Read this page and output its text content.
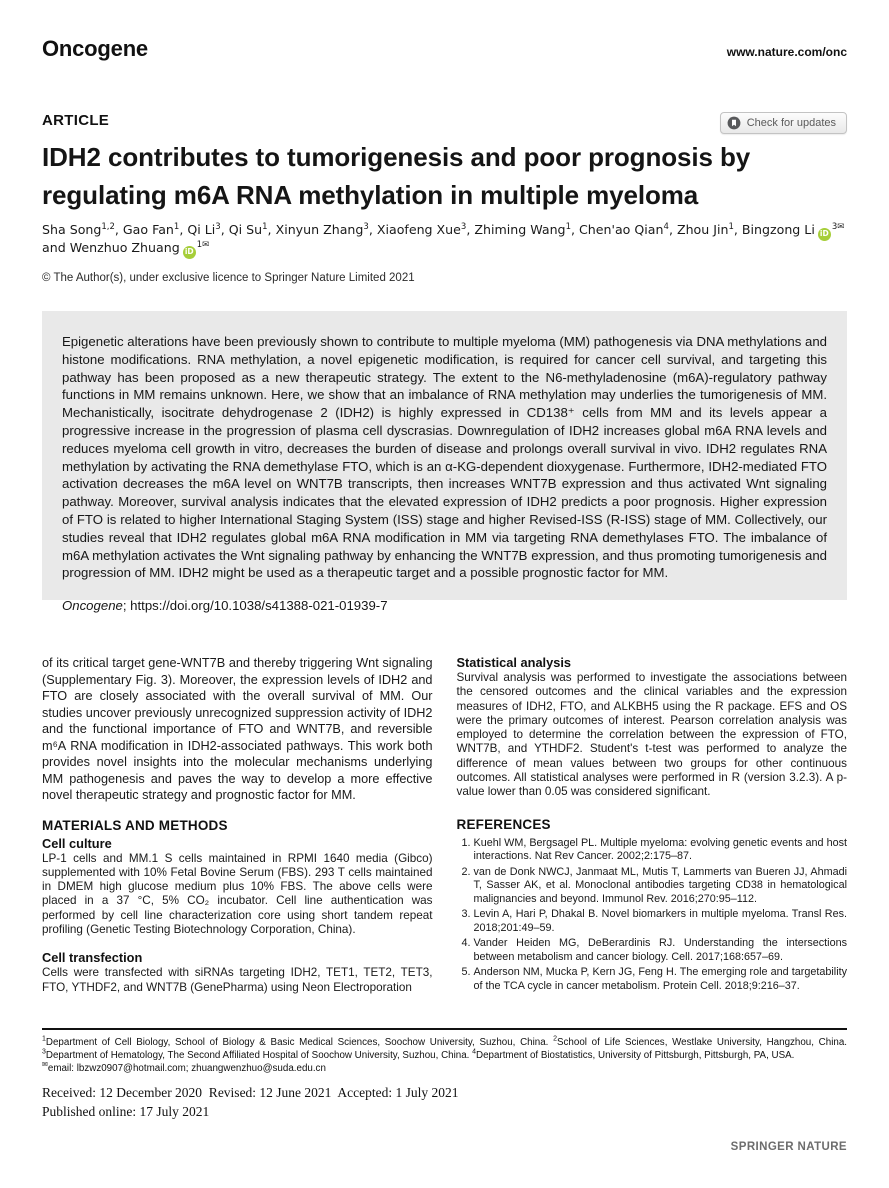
Oncogene	www.nature.com/onc
ARTICLE	Check for updates
IDH2 contributes to tumorigenesis and poor prognosis by
regulating m6A RNA methylation in multiple myeloma
Sha Song$^{1,2}$, Gao Fan$^1$, Qi Li$^3$, Qi Su$^1$, Xinyun Zhang$^3$, Xiaofeng Xue$^3$, Zhiming Wang$^1$, Chen'ao Qian$^4$, Zhou Jin$^1$, Bingzong Li $iD^{3✉}$ and Wenzhuo Zhuang $iD^{1✉}$
© The Author(s), under exclusive licence to Springer Nature Limited 2021

Epigenetic alterations have been previously shown to contribute to multiple myeloma (MM) pathogenesis via DNA methylations and histone modifications. RNA methylation, a novel epigenetic modification, is required for cancer cell survival, and targeting this pathway has been proposed as a new therapeutic strategy. The extent to the N6-methyladenosine (m6A)-regulatory pathway functions in MM remains unknown. Here, we show that an imbalance of RNA methylation may underlies the tumorigenesis of MM. Mechanistically, isocitrate dehydrogenase 2 (IDH2) is highly expressed in CD138⁺ cells from MM and its levels appear a progressive increase in the progression of plasma cell dyscrasias. Downregulation of IDH2 increases global m6A RNA levels and reduces myeloma cell growth in vitro, decreases the burden of disease and prolongs overall survival in vivo. IDH2 regulates RNA methylation by activating the RNA demethylase FTO, which is an α-KG-dependent dioxygenase. Furthermore, IDH2-mediated FTO activation decreases the m6A level on WNT7B transcripts, then increases WNT7B expression and thus activated Wnt signaling pathway. Moreover, survival analysis indicates that the elevated expression of IDH2 predicts a poor prognosis. Higher expression of FTO is related to higher International Staging System (ISS) stage and higher Revised-ISS (R-ISS) stage of MM. Collectively, our studies reveal that IDH2 regulates global m6A RNA modification in MM via targeting RNA demethylases FTO. The imbalance of m6A methylation activates the Wnt signaling pathway by enhancing the WNT7B expression, and thus promoting tumorigenesis and progression of MM. IDH2 might be used as a therapeutic target and a possible prognostic factor for MM.

Oncogene; https://doi.org/10.1038/s41388-021-01939-7

of its critical target gene-WNT7B and thereby triggering Wnt signaling (Supplementary Fig. 3). Moreover, the expression levels of IDH2 and FTO are closely associated with the overall survival of MM. Our studies uncover previously unrecognized suppression activity of IDH2 and the functional importance of FTO and WNT7B, and reversible m⁶A RNA modification in IDH2-associated pathways. This work both provides novel insights into the molecular mechanisms underlying MM pathogenesis and paves the way to develop a more effective novel therapeutic strategy and prognostic factor for MM.

MATERIALS AND METHODS
Cell culture

LP-1 cells and MM.1 S cells maintained in RPMI 1640 media (Gibco) supplemented with 10% Fetal Bovine Serum (FBS). 293 T cells maintained in DMEM high glucose medium plus 10% FBS. The above cells were placed in a 37 °C, 5% CO₂ incubator. Cell line authentication was performed by cell line characterization core using short tandem repeat profiling (Genetic Testing Biotechnology Corporation, China).

Cell transfection

Cells were transfected with siRNAs targeting IDH2, TET1, TET2, TET3, FTO, YTHDF2, and WNT7B (GenePharma) using Neon Electroporation

Statistical analysis

Survival analysis was performed to investigate the associations between the censored outcomes and the clinical variables and the expression measures of IDH2, FTO, and ALKBH5 using the R package. EFS and OS were the primary outcomes of interest. Pearson correlation analysis was employed to determine the correlation between the expression of FTO, WNT7B, and YTHDF2. Student's t-test was performed to analyze the difference of mean values between two groups for other continuous outcomes. All statistical analyses were performed in R (version 3.2.3). A p-value lower than 0.05 was considered significant.

REFERENCES
1. Kuehl WM, Bergsagel PL. Multiple myeloma: evolving genetic events and host interactions. Nat Rev Cancer. 2002;2:175–87.
2. van de Donk NWCJ, Janmaat ML, Mutis T, Lammerts van Bueren JJ, Ahmadi T, Sasser AK, et al. Monoclonal antibodies targeting CD38 in hematological malignancies and beyond. Immunol Rev. 2016;270:95–112.
3. Levin A, Hari P, Dhakal B. Novel biomarkers in multiple myeloma. Transl Res. 2018;201:49–59.
4. Vander Heiden MG, DeBerardinis RJ. Understanding the intersections between metabolism and cancer biology. Cell. 2017;168:657–69.
5. Anderson NM, Mucka P, Kern JG, Feng H. The emerging role and targetability of the TCA cycle in cancer metabolism. Protein Cell. 2018;9:216–37.

$^1$Department of Cell Biology, School of Biology & Basic Medical Sciences, Soochow University, Suzhou, China. $^2$School of Life Sciences, Westlake University, Hangzhou, China. $^3$Department of Hematology, The Second Affiliated Hospital of Soochow University, Suzhou, China. $^4$Department of Biostatistics, University of Pittsburgh, Pittsburgh, PA, USA.
✉email: lbzwz0907@hotmail.com; zhuangwenzhuo@suda.edu.cn

Received: 12 December 2020  Revised: 12 June 2021  Accepted: 1 July 2021

Published online: 17 July 2021

SPRINGER NATURE
